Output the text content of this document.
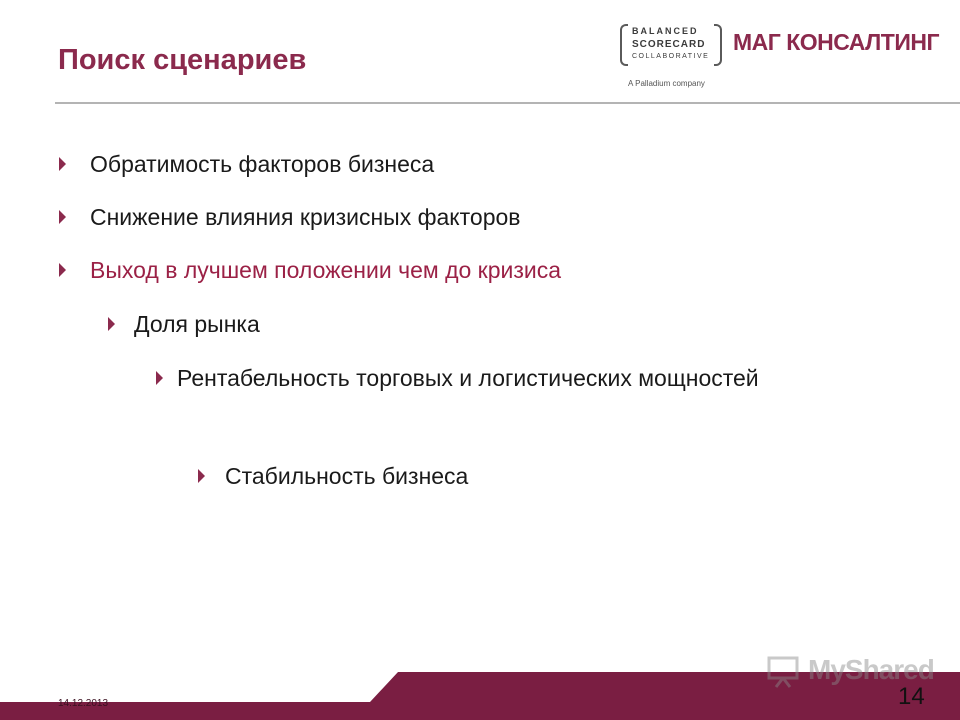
Поиск сценариев
BALANCED
SCORECARD
COLLABORATIVE
A Palladium company
МАГ КОНСАЛТИНГ
Обратимость факторов бизнеса
Снижение влияния кризисных факторов
Выход в лучшем положении чем до кризиса
Доля рынка
Рентабельность торговых и логистических мощностей
Стабильность бизнеса
14.12.2013
MyShared
14
